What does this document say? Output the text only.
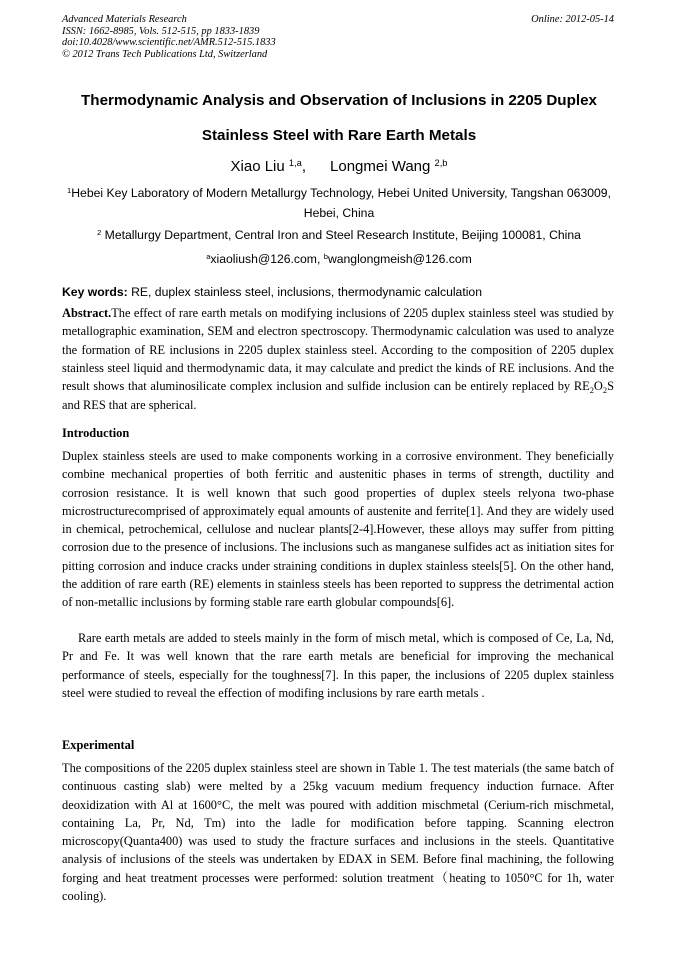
Advanced Materials Research
ISSN: 1662-8985, Vols. 512-515, pp 1833-1839
doi:10.4028/www.scientific.net/AMR.512-515.1833
© 2012 Trans Tech Publications Ltd, Switzerland
Online: 2012-05-14
Thermodynamic Analysis and Observation of Inclusions in 2205 Duplex
Stainless Steel with Rare Earth Metals
Xiao Liu $^{1,a}$, Longmei Wang $^{2,b}$
$^1$Hebei Key Laboratory of Modern Metallurgy Technology, Hebei United University, Tangshan 063009, Hebei, China
$^2$ Metallurgy Department, Central Iron and Steel Research Institute, Beijing 100081, China
$^a$xiaoliush@126.com, $^b$wanglongmeish@126.com
Key words: RE, duplex stainless steel, inclusions, thermodynamic calculation
Abstract.The effect of rare earth metals on modifying inclusions of 2205 duplex stainless steel was studied by metallographic examination, SEM and electron spectroscopy. Thermodynamic calculation was used to analyze the formation of RE inclusions in 2205 duplex stainless steel. According to the composition of 2205 duplex stainless steel liquid and thermodynamic data, it may calculate and predict the kinds of RE inclusions. And the result shows that aluminosilicate complex inclusion and sulfide inclusion can be entirely replaced by $RE_2O_2S$ and RES that are spherical.
Introduction
Duplex stainless steels are used to make components working in a corrosive environment. They beneficially combine mechanical properties of both ferritic and austenitic phases in terms of strength, ductility and corrosion resistance. It is well known that such good properties of duplex steels relyona two-phase microstructurecomprised of approximately equal amounts of austenite and ferrite[1]. And they are widely used in chemical, petrochemical, cellulose and nuclear plants[2-4].However, these alloys may suffer from pitting corrosion due to the presence of inclusions. The inclusions such as manganese sulfides act as initiation sites for pitting corrosion and induce cracks under straining conditions in duplex stainless steels[5]. On the other hand, the addition of rare earth (RE) elements in stainless steels has been reported to suppress the detrimental action of non-metallic inclusions by forming stable rare earth globular compounds[6].
Rare earth metals are added to steels mainly in the form of misch metal, which is composed of Ce, La, Nd, Pr and Fe. It was well known that the rare earth metals are beneficial for improving the mechanical performance of steels, especially for the toughness[7]. In this paper, the inclusions of 2205 duplex stainless steel were studied to reveal the effection of modifing inclusions by rare earth metals .
Experimental
The compositions of the 2205 duplex stainless steel are shown in Table 1. The test materials (the same batch of continuous casting slab) were melted by a 25kg vacuum medium frequency induction furnace. After deoxidization with Al at 1600°C, the melt was poured with addition mischmetal (Cerium-rich mischmetal, containing La, Pr, Nd, Tm) into the ladle for modification before tapping. Scanning electron microscopy(Quanta400) was used to study the fracture surfaces and inclusions in the steels. Quantitative analysis of inclusions of the steels was undertaken by EDAX in SEM. Before final machining, the following forging and heat treatment processes were performed: solution treatment（heating to 1050°C for 1h, water cooling).
